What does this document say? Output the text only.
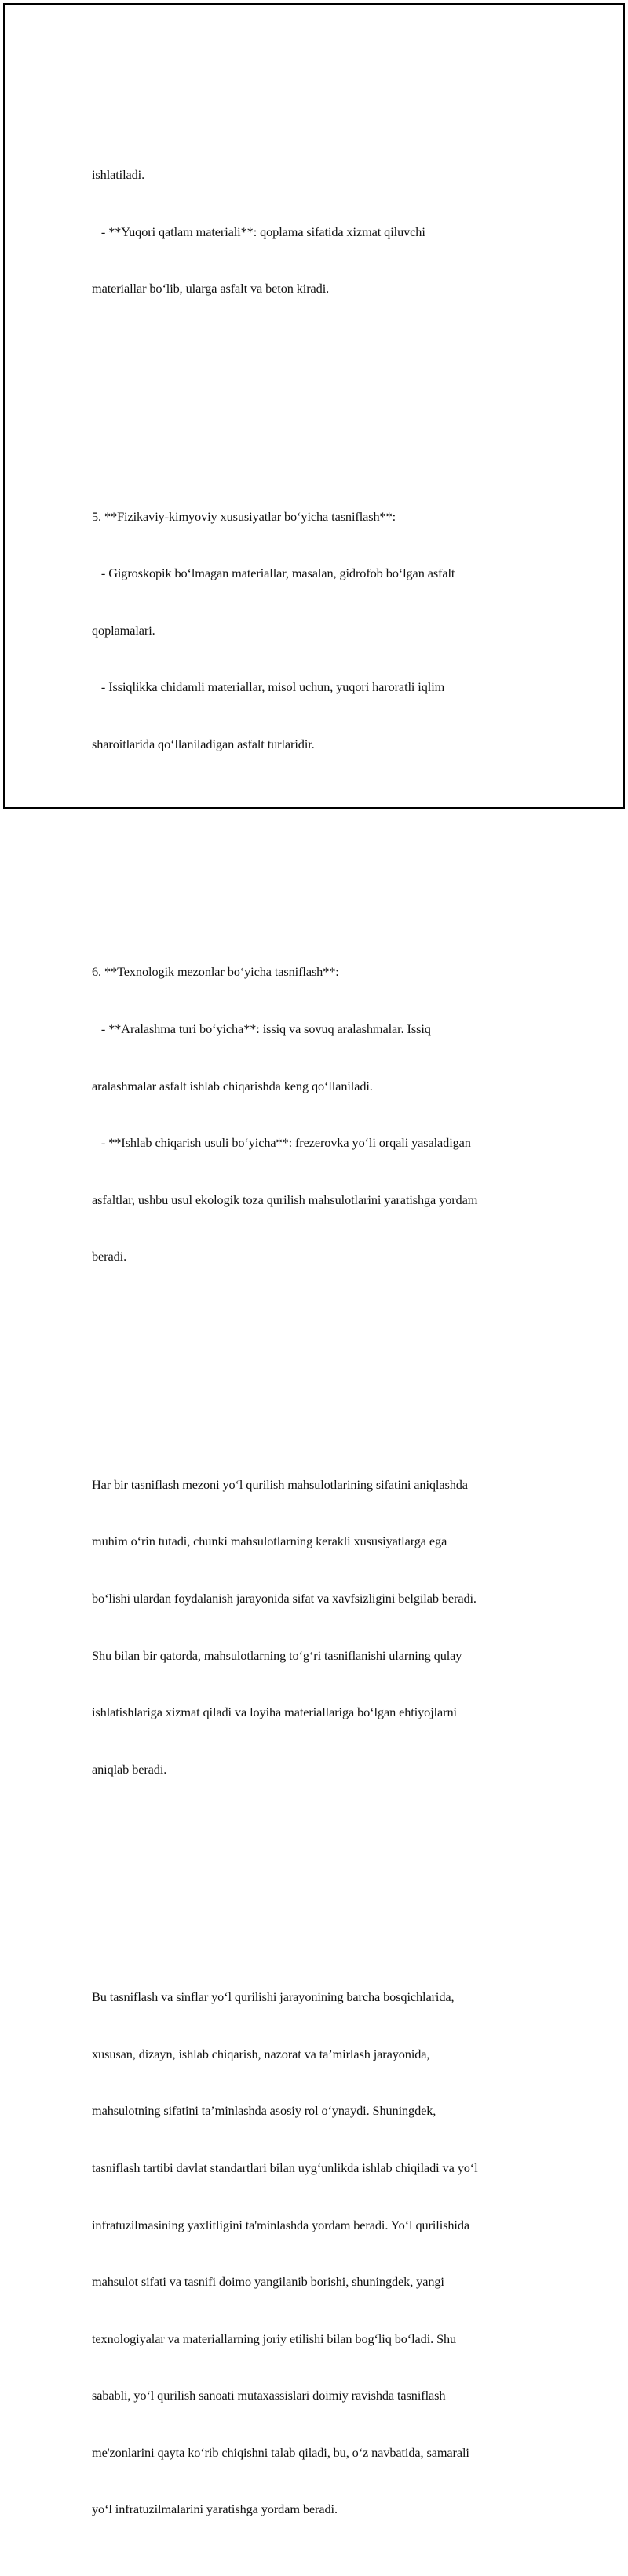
ishlatiladi.

- **Yuqori qatlam materiali**: qoplama sifatida xizmat qiluvchi

materiallar bo‘lib, ularga asfalt va beton kiradi.

5. **Fizikaviy-kimyoviy xususiyatlar bo‘yicha tasniflash**:

- Gigroskopik bo‘lmagan materiallar, masalan, gidrofob bo‘lgan asfalt

qoplamalari.

- Issiqlikka chidamli materiallar, misol uchun, yuqori haroratli iqlim

sharoitlarida qo‘llaniladigan asfalt turlaridir.

6. **Texnologik mezonlar bo‘yicha tasniflash**:

- **Aralashma turi bo‘yicha**: issiq va sovuq aralashmalar. Issiq

aralashmalar asfalt ishlab chiqarishda keng qo‘llaniladi.

- **Ishlab chiqarish usuli bo‘yicha**: frezerovka yo‘li orqali yasaladigan

asfaltlar, ushbu usul ekologik toza qurilish mahsulotlarini yaratishga yordam

beradi.

Har bir tasniflash mezoni yo‘l qurilish mahsulotlarining sifatini aniqlashda

muhim o‘rin tutadi, chunki mahsulotlarning kerakli xususiyatlarga ega

bo‘lishi ulardan foydalanish jarayonida sifat va xavfsizligini belgilab beradi.

Shu bilan bir qatorda, mahsulotlarning to‘g‘ri tasniflanishi ularning qulay

ishlatishlariga xizmat qiladi va loyiha materiallariga bo‘lgan ehtiyojlarni

aniqlab beradi.

Bu tasniflash va sinflar yo‘l qurilishi jarayonining barcha bosqichlarida,

xususan, dizayn, ishlab chiqarish, nazorat va ta’mirlash jarayonida,

mahsulotning sifatini ta’minlashda asosiy rol o‘ynaydi. Shuningdek,

tasniflash tartibi davlat standartlari bilan uyg‘unlikda ishlab chiqiladi va yo‘l

infratuzilmasining yaxlitligini ta'minlashda yordam beradi. Yo‘l qurilishida

mahsulot sifati va tasnifi doimo yangilanib borishi, shuningdek, yangi

texnologiyalar va materiallarning joriy etilishi bilan bog‘liq bo‘ladi. Shu

sababli, yo‘l qurilish sanoati mutaxassislari doimiy ravishda tasniflash

me'zonlarini qayta ko‘rib chiqishni talab qiladi, bu, o‘z navbatida, samarali

yo‘l infratuzilmalarini yaratishga yordam beradi.
